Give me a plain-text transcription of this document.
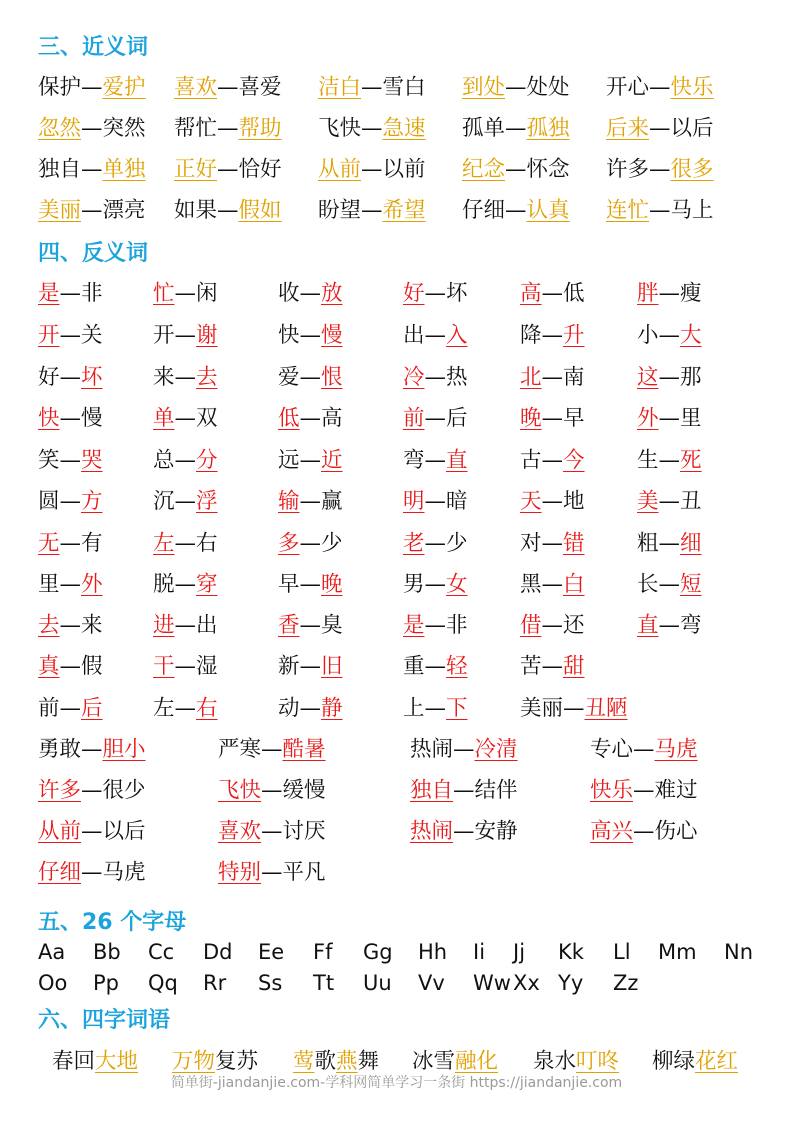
三、近义词
四、反义词
五、26 个字母
六、四字词语
保护—爱护 喜欢—喜爱 洁白—雪白 到处—处处 开心—快乐
忽然—突然 帮忙—帮助 飞快—急速 孤单—孤独 后来—以后
独自—单独 正好—恰好 从前—以前 纪念—怀念 许多—很多
美丽—漂亮 如果—假如 盼望—希望 仔细—认真 连忙—马上
是—非 忙—闲	收—放	好—坏 高—低 胖—瘦
开—关 开—谢	快—慢	出—入 降—升 小—大
好—坏 来—去	爱—恨	冷—热 北—南 这—那
快—慢 单—双	低—高	前—后 晚—早 外—里
笑—哭 总—分	远—近	弯—直 古—今 生—死
圆—方 沉—浮	输—赢	明—暗 天—地 美—丑
无—有 左—右	多—少	老—少 对—错 粗—细
里—外 脱—穿	早—晚	男—女 黑—白 长—短
去—来 进—出	香—臭	是—非 借—还 直—弯
真—假 干—湿	新—旧	重—轻 苦—甜
前—后 左—右	动—静	上—下 美丽—丑陋
勇敢—胆小	严寒—酷暑	热闹—冷清	专心—马虎
许多—很少	飞快—缓慢	独自—结伴	快乐—难过
从前—以后	喜欢—讨厌	热闹—安静	高兴—伤心
仔细—马虎	特别—平凡
Aa Bb Cc Dd Ee Ff Gg Hh Ii Jj Kk Ll Mm Nn
Oo Pp Qq Rr Ss Tt Uu Vv Ww Xx Yy Zz
春回大地 万物复苏 莺歌燕舞 冰雪融化 泉水叮咚 柳绿花红
简单街-jiandanjie.com-学科网简单学习一条街 https://jiandanjie.com
